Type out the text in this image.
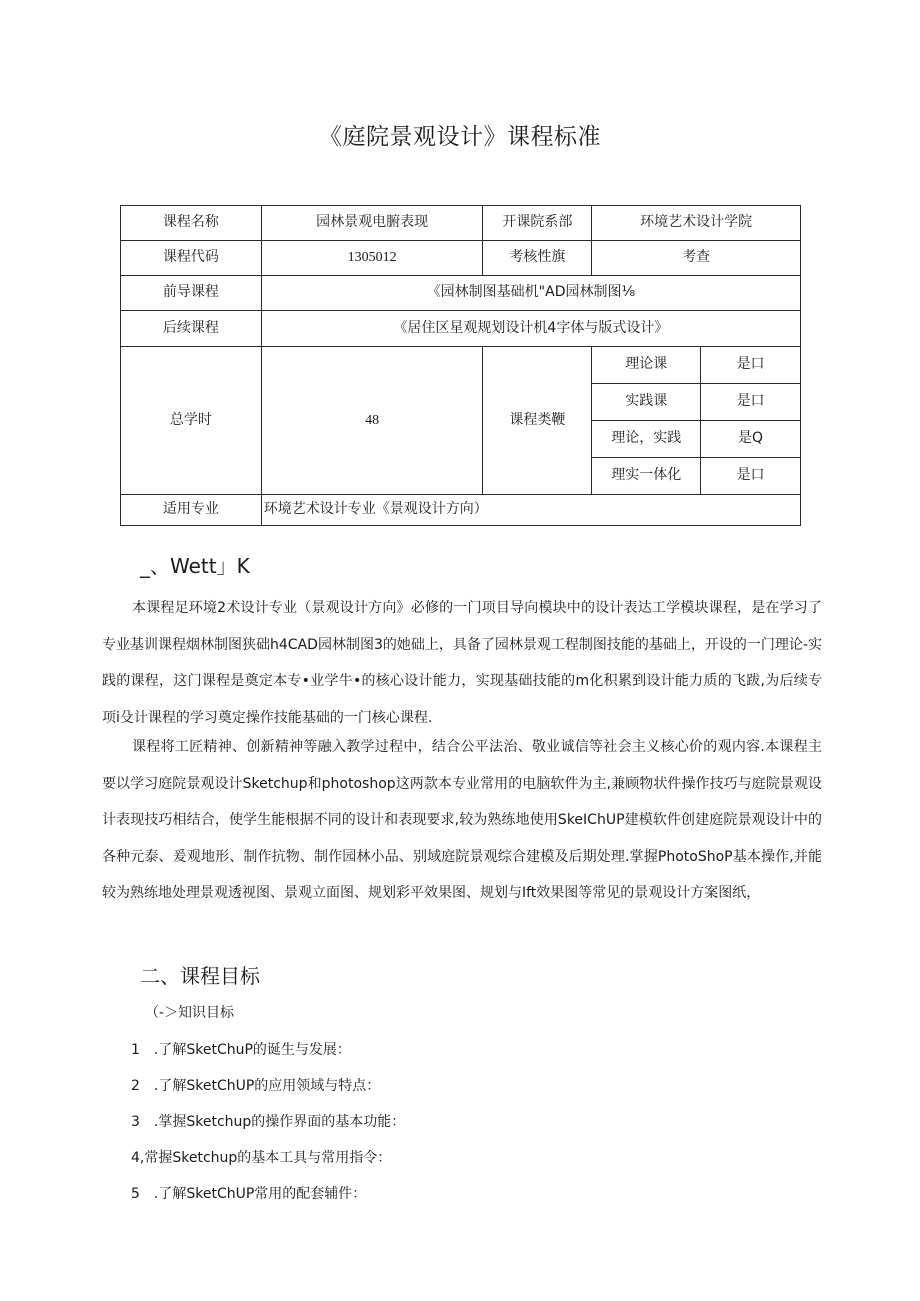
《庭院景观设计》课程标准
课程名称	园林景观电腑表现	开课院系部	环境艺术设计学院	
课程代码	1305012	考核性旗	考查	
前导课程	《园林制图基础机"AD园林制图⅛			
后续课程	《居住区星观规划设计机4字体与版式设计》			
总学时	48	课程类鞭	理论课	是口
			实践课	是口
			理论，实践	是Q
			理实一体化	是口
适用专业	环境艺术设计专业《景观设计方向）			
_、Wett」K
本课程足环境2术设计专业（景观设计方向》必修的一门项目导向模块中的设计表达工学模块课程，是在学习了专业基训课程烟林制图狭础h4CAD园林制图3的她础上，具备了园林景观工程制图技能的基础上，开设的一门理论-实践的课程，这门课程是奠定本专•业学牛•的核心设计能力，实现基础技能的m化积累到设计能力质的飞跋,为后续专项i殳计课程的学习奠定操作技能基础的一门核心课程.
课程将工匠精神、创新精神等融入教学过程中，结合公平法治、敬业诚信等社会主义核心价的观内容.本课程主要以学习庭院景观设计Sketchup和photoshop这两款本专业常用的电脑软件为主,兼顾物状件操作技巧与庭院景观设计表现技巧相结合，使学生能根据不同的设计和表现要求,较为熟练地使用SkeIChUP建模软件创建庭院景观设计中的各种元泰、爰观地形、制作抗物、制作园林小品、别域庭院景观综合建模及后期处理.掌握PhotoShoP基本操作,并能较为熟练地处理景观透视图、景观立面图、规划彩平效果图、规划与Ift效果图等常见的景观设计方案图纸，
二、课程目标
（-＞知识目标
1　.了解SketChuP的诞生与发展：
2　.了解SketChUP的应用领域与特点：
3　.掌握Sketchup的操作界面的基本功能：
4,常握Sketchup的基本工具与常用指令：
5　.了解SketChUP常用的配套辅件：
